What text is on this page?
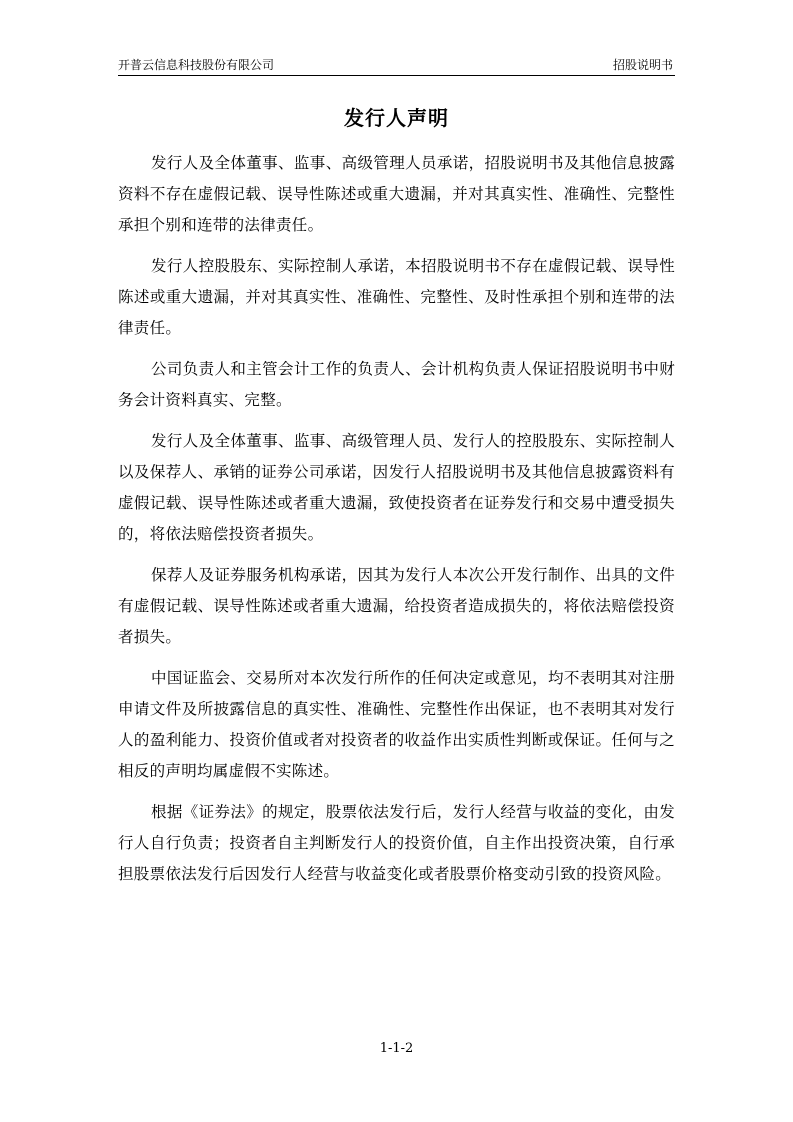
开普云信息科技股份有限公司	招股说明书
发行人声明

发行人及全体董事、监事、高级管理人员承诺，招股说明书及其他信息披露资料不存在虚假记载、误导性陈述或重大遗漏，并对其真实性、准确性、完整性承担个别和连带的法律责任。

发行人控股股东、实际控制人承诺，本招股说明书不存在虚假记载、误导性陈述或重大遗漏，并对其真实性、准确性、完整性、及时性承担个别和连带的法律责任。

公司负责人和主管会计工作的负责人、会计机构负责人保证招股说明书中财务会计资料真实、完整。

发行人及全体董事、监事、高级管理人员、发行人的控股股东、实际控制人以及保荐人、承销的证券公司承诺，因发行人招股说明书及其他信息披露资料有虚假记载、误导性陈述或者重大遗漏，致使投资者在证券发行和交易中遭受损失的，将依法赔偿投资者损失。

保荐人及证券服务机构承诺，因其为发行人本次公开发行制作、出具的文件有虚假记载、误导性陈述或者重大遗漏，给投资者造成损失的，将依法赔偿投资者损失。

中国证监会、交易所对本次发行所作的任何决定或意见，均不表明其对注册申请文件及所披露信息的真实性、准确性、完整性作出保证，也不表明其对发行人的盈利能力、投资价值或者对投资者的收益作出实质性判断或保证。任何与之相反的声明均属虚假不实陈述。

根据《证券法》的规定，股票依法发行后，发行人经营与收益的变化，由发行人自行负责；投资者自主判断发行人的投资价值，自主作出投资决策，自行承担股票依法发行后因发行人经营与收益变化或者股票价格变动引致的投资风险。

1-1-2
